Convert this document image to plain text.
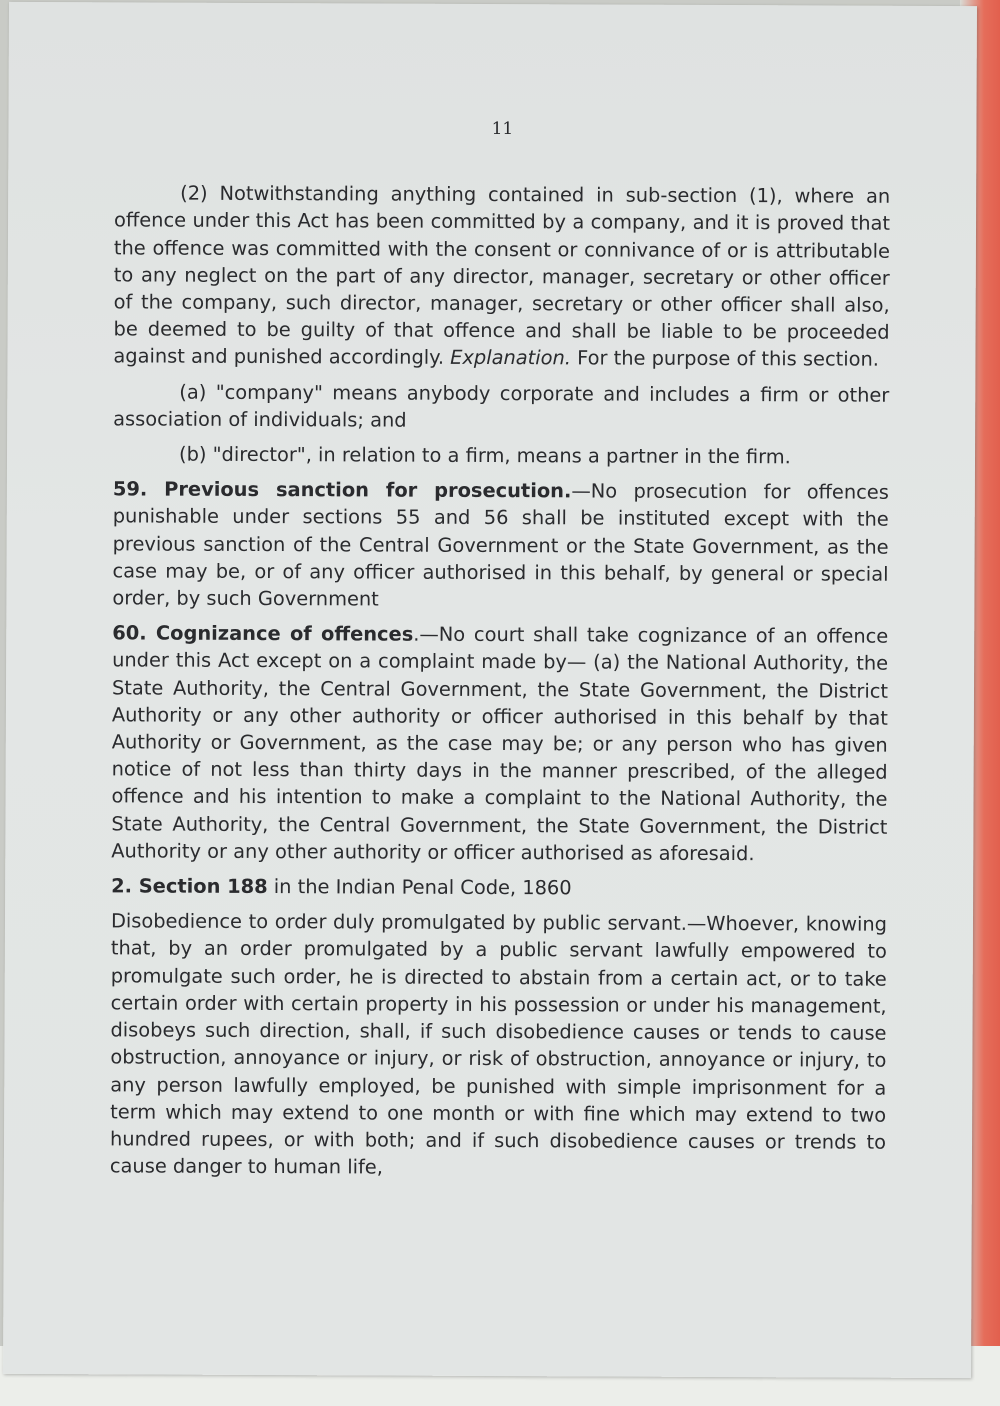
11

(2) Notwithstanding anything contained in sub-section (1), where an offence under this Act has been committed by a company, and it is proved that the offence was committed with the consent or connivance of or is attributable to any neglect on the part of any director, manager, secretary or other officer of the company, such director, manager, secretary or other officer shall also, be deemed to be guilty of that offence and shall be liable to be proceeded against and punished accordingly. Explanation. For the purpose of this section.

(a) "company" means anybody corporate and includes a firm or other association of individuals; and

(b) "director", in relation to a firm, means a partner in the firm.

59. Previous sanction for prosecution.—No prosecution for offences punishable under sections 55 and 56 shall be instituted except with the previous sanction of the Central Government or the State Government, as the case may be, or of any officer authorised in this behalf, by general or special order, by such Government

60. Cognizance of offences.—No court shall take cognizance of an offence under this Act except on a complaint made by— (a) the National Authority, the State Authority, the Central Government, the State Government, the District Authority or any other authority or officer authorised in this behalf by that Authority or Government, as the case may be; or any person who has given notice of not less than thirty days in the manner prescribed, of the alleged offence and his intention to make a complaint to the National Authority, the State Authority, the Central Government, the State Government, the District Authority or any other authority or officer authorised as aforesaid.

2. Section 188 in the Indian Penal Code, 1860

Disobedience to order duly promulgated by public servant.—Whoever, knowing that, by an order promulgated by a public servant lawfully empowered to promulgate such order, he is directed to abstain from a certain act, or to take certain order with certain property in his possession or under his management, disobeys such direction, shall, if such disobedience causes or tends to cause obstruction, annoyance or injury, or risk of obstruction, annoyance or injury, to any person lawfully employed, be punished with simple imprisonment for a term which may extend to one month or with fine which may extend to two hundred rupees, or with both; and if such disobedience causes or trends to cause danger to human life,
